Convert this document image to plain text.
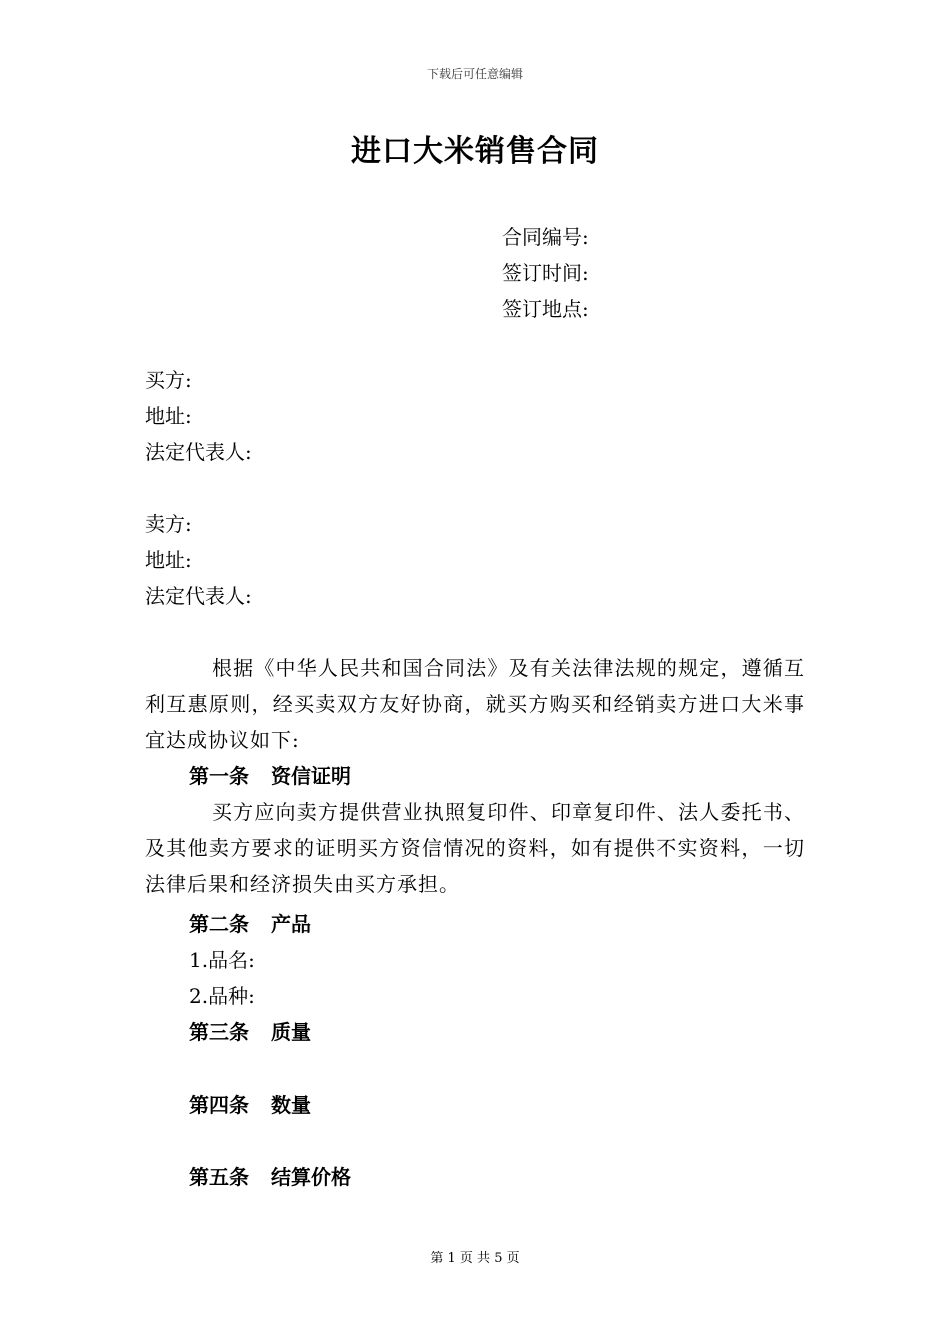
下载后可任意编辑
进口大米销售合同
合同编号:
签订时间:
签订地点:
买方:
地址:
法定代表人:
卖方:
地址:
法定代表人:
根据《中华人民共和国合同法》及有关法律法规的规定，遵循互利互惠原则，经买卖双方友好协商，就买方购买和经销卖方进口大米事宜达成协议如下:
第一条 资信证明
买方应向卖方提供营业执照复印件、印章复印件、法人委托书、及其他卖方要求的证明买方资信情况的资料，如有提供不实资料，一切法律后果和经济损失由买方承担。
第二条 产品
1.品名:
2.品种:
第三条 质量
第四条 数量
第五条 结算价格
第 1 页 共 5 页
